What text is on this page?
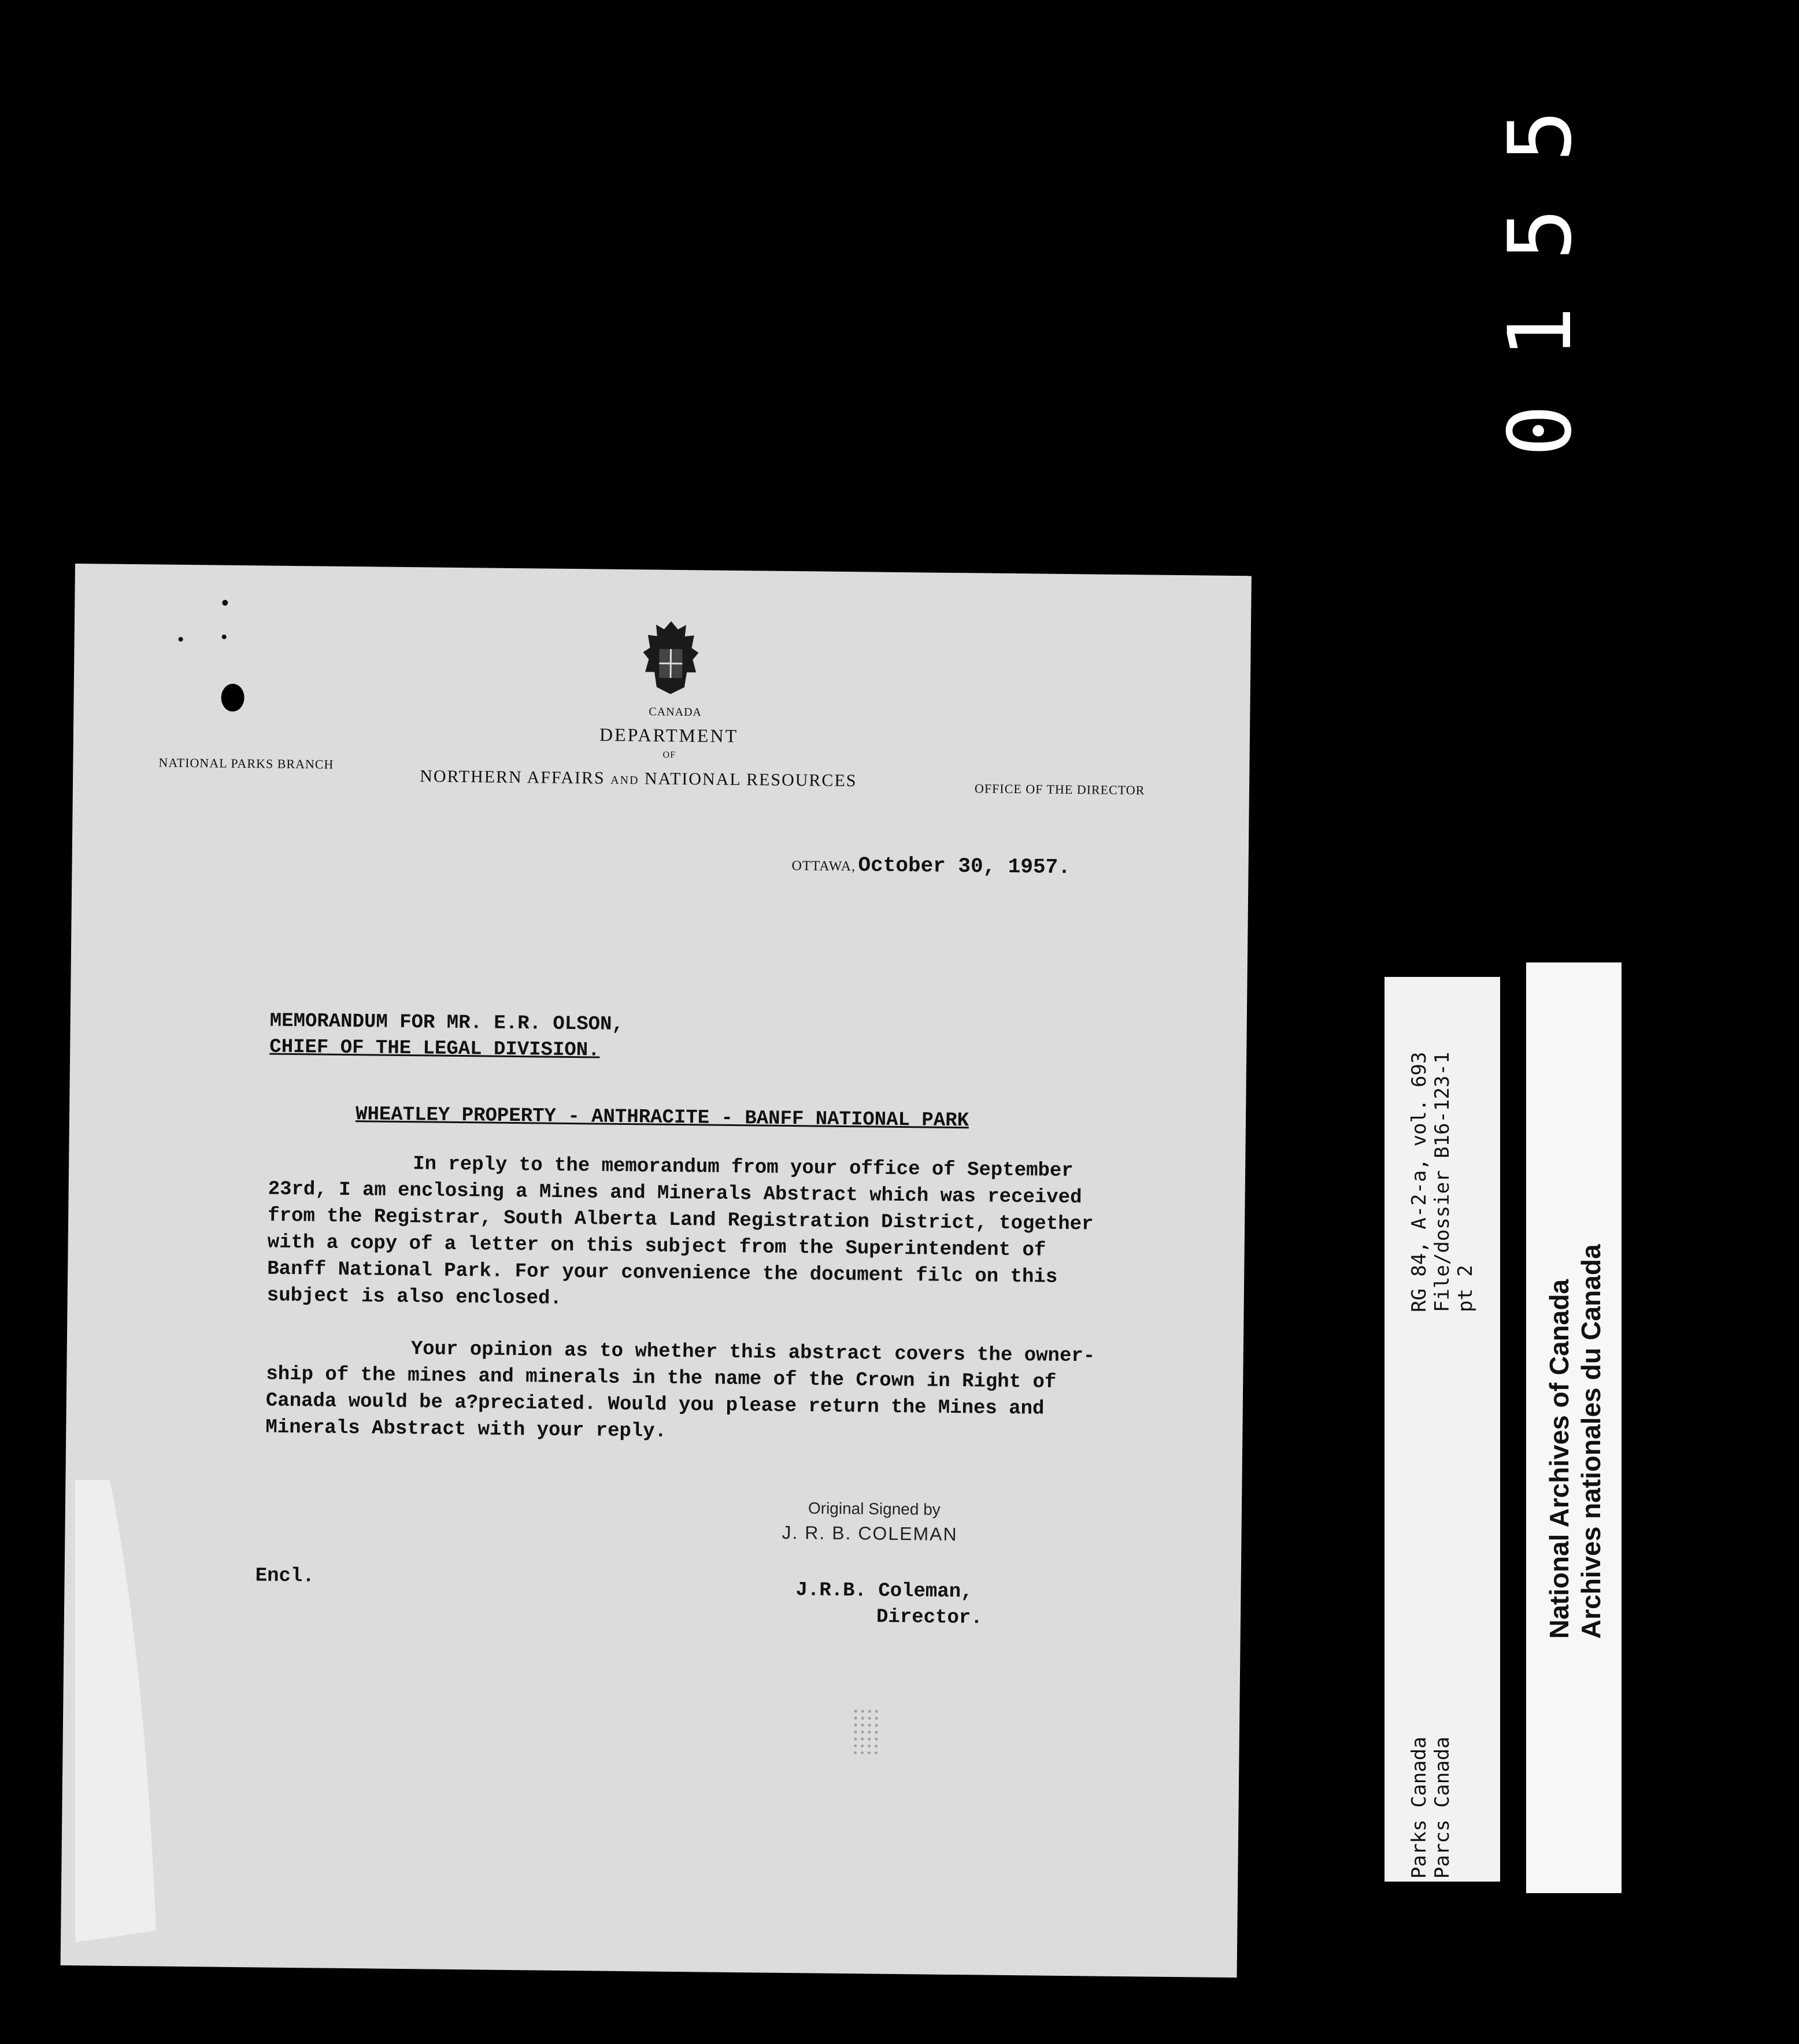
5
5
1
0
CANADA
DEPARTMENT
OF
NORTHERN AFFAIRS AND NATIONAL RESOURCES
NATIONAL PARKS BRANCH
OFFICE OF THE DIRECTOR
OTTAWA, October 30, 1957.
MEMORANDUM FOR MR. E.R. OLSON,
CHIEF OF THE LEGAL DIVISION.
WHEATLEY PROPERTY - ANTHRACITE - BANFF NATIONAL PARK
In reply to the memorandum from your office of September
23rd, I am enclosing a Mines and Minerals Abstract which was received
from the Registrar, South Alberta Land Registration District, together
with a copy of a letter on this subject from the Superintendent of
Banff National Park. For your convenience the document filc on this
subject is also enclosed.
Your opinion as to whether this abstract covers the owner-
ship of the mines and minerals in the name of the Crown in Right of
Canada would be a?preciated. Would you please return the Mines and
Minerals Abstract with your reply.
Original Signed by
J. R. B. COLEMAN
Encl.
J.R.B. Coleman,
Director.
RG 84, A-2-a, vol. 693 File/dossier B16-123-1 pt 2
Parks Canada Parcs Canada
National Archives of Canada Archives nationales du Canada
